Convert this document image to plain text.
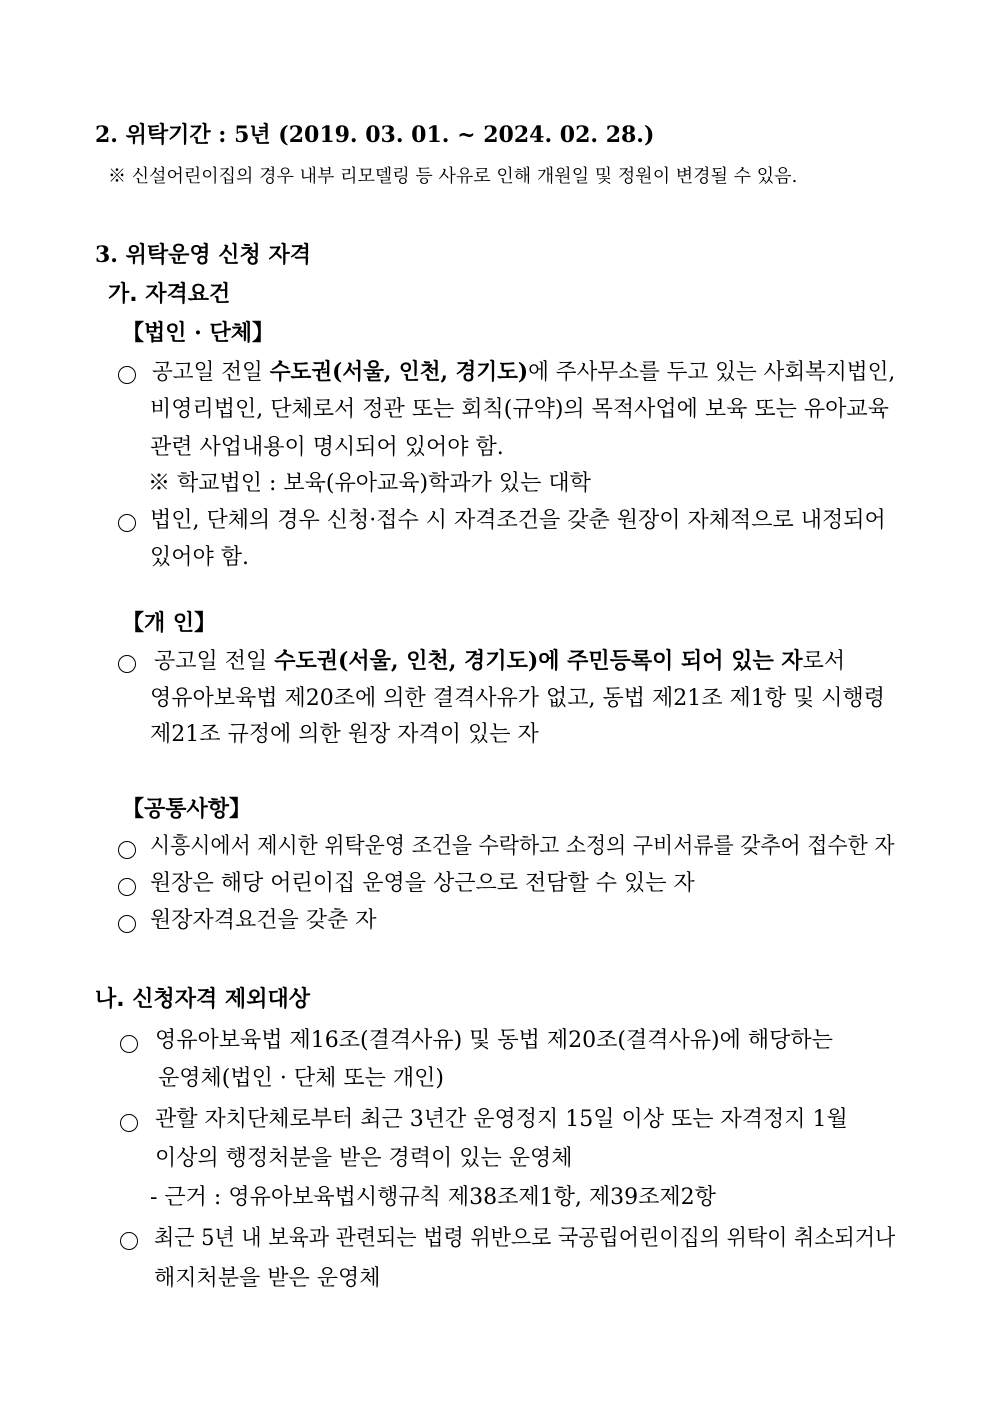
2. 위탁기간 : 5년 (2019. 03. 01. ~ 2024. 02. 28.)
※ 신설어린이집의 경우 내부 리모델링 등 사유로 인해 개원일 및 정원이 변경될 수 있음.
3. 위탁운영 신청 자격
가. 자격요건
【법인 · 단체】
공고일 전일 수도권(서울, 인천, 경기도)에 주사무소를 두고 있는 사회복지법인,
비영리법인, 단체로서 정관 또는 회칙(규약)의 목적사업에 보육 또는 유아교육
관련 사업내용이 명시되어 있어야 함.
※ 학교법인 : 보육(유아교육)학과가 있는 대학
법인, 단체의 경우 신청·접수 시 자격조건을 갖춘 원장이 자체적으로 내정되어
있어야 함.
【개 인】
공고일 전일 수도권(서울, 인천, 경기도)에 주민등록이 되어 있는 자로서
영유아보육법 제20조에 의한 결격사유가 없고, 동법 제21조 제1항 및 시행령
제21조 규정에 의한 원장 자격이 있는 자
【공통사항】
시흥시에서 제시한 위탁운영 조건을 수락하고 소정의 구비서류를 갖추어 접수한 자
원장은 해당 어린이집 운영을 상근으로 전담할 수 있는 자
원장자격요건을 갖춘 자
나. 신청자격 제외대상
영유아보육법 제16조(결격사유) 및 동법 제20조(결격사유)에 해당하는
운영체(법인 · 단체 또는 개인)
관할 자치단체로부터 최근 3년간 운영정지 15일 이상 또는 자격정지 1월
이상의 행정처분을 받은 경력이 있는 운영체
- 근거 : 영유아보육법시행규칙 제38조제1항, 제39조제2항
최근 5년 내 보육과 관련되는 법령 위반으로 국공립어린이집의 위탁이 취소되거나
해지처분을 받은 운영체
